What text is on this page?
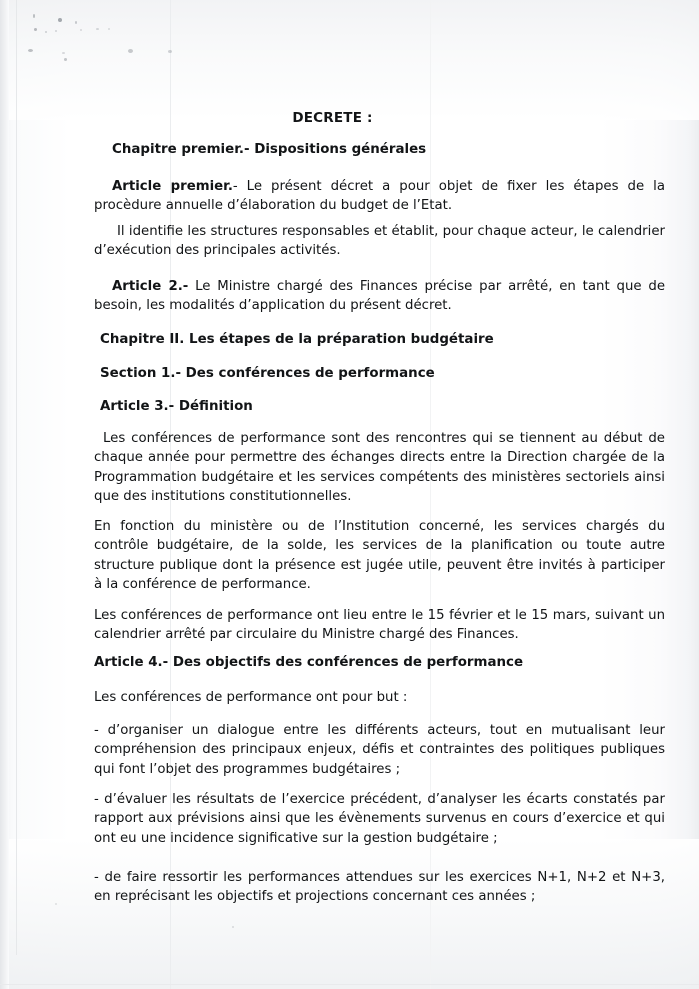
DECRETE :

Chapitre premier.- Dispositions générales

Article premier.- Le présent décret a pour objet de fixer les étapes de la procèdure annuelle d’élaboration du budget de l’Etat.

Il identifie les structures responsables et établit, pour chaque acteur, le calendrier d’exécution des principales activités.

Article 2.- Le Ministre chargé des Finances précise par arrêté, en tant que de besoin, les modalités d’application du présent décret.

Chapitre II. Les étapes de la préparation budgétaire

Section 1.- Des conférences de performance

Article 3.- Définition

Les conférences de performance sont des rencontres qui se tiennent au début de chaque année pour permettre des échanges directs entre la Direction chargée de la Programmation budgétaire et les services compétents des ministères sectoriels ainsi que des institutions constitutionnelles.

En fonction du ministère ou de l’Institution concerné, les services chargés du contrôle budgétaire, de la solde, les services de la planification ou toute autre structure publique dont la présence est jugée utile, peuvent être invités à participer à la conférence de performance.

Les conférences de performance ont lieu entre le 15 février et le 15 mars, suivant un calendrier arrêté par circulaire du Ministre chargé des Finances.

Article 4.- Des objectifs des conférences de performance

Les conférences de performance ont pour but :

- d’organiser un dialogue entre les différents acteurs, tout en mutualisant leur compréhension des principaux enjeux, défis et contraintes des politiques publiques qui font l’objet des programmes budgétaires ;

- d’évaluer les résultats de l’exercice précédent, d’analyser les écarts constatés par rapport aux prévisions ainsi que les évènements survenus en cours d’exercice et qui ont eu une incidence significative sur la gestion budgétaire ;

- de faire ressortir les performances attendues sur les exercices N+1, N+2 et N+3, en reprécisant les objectifs et projections concernant ces années ;
